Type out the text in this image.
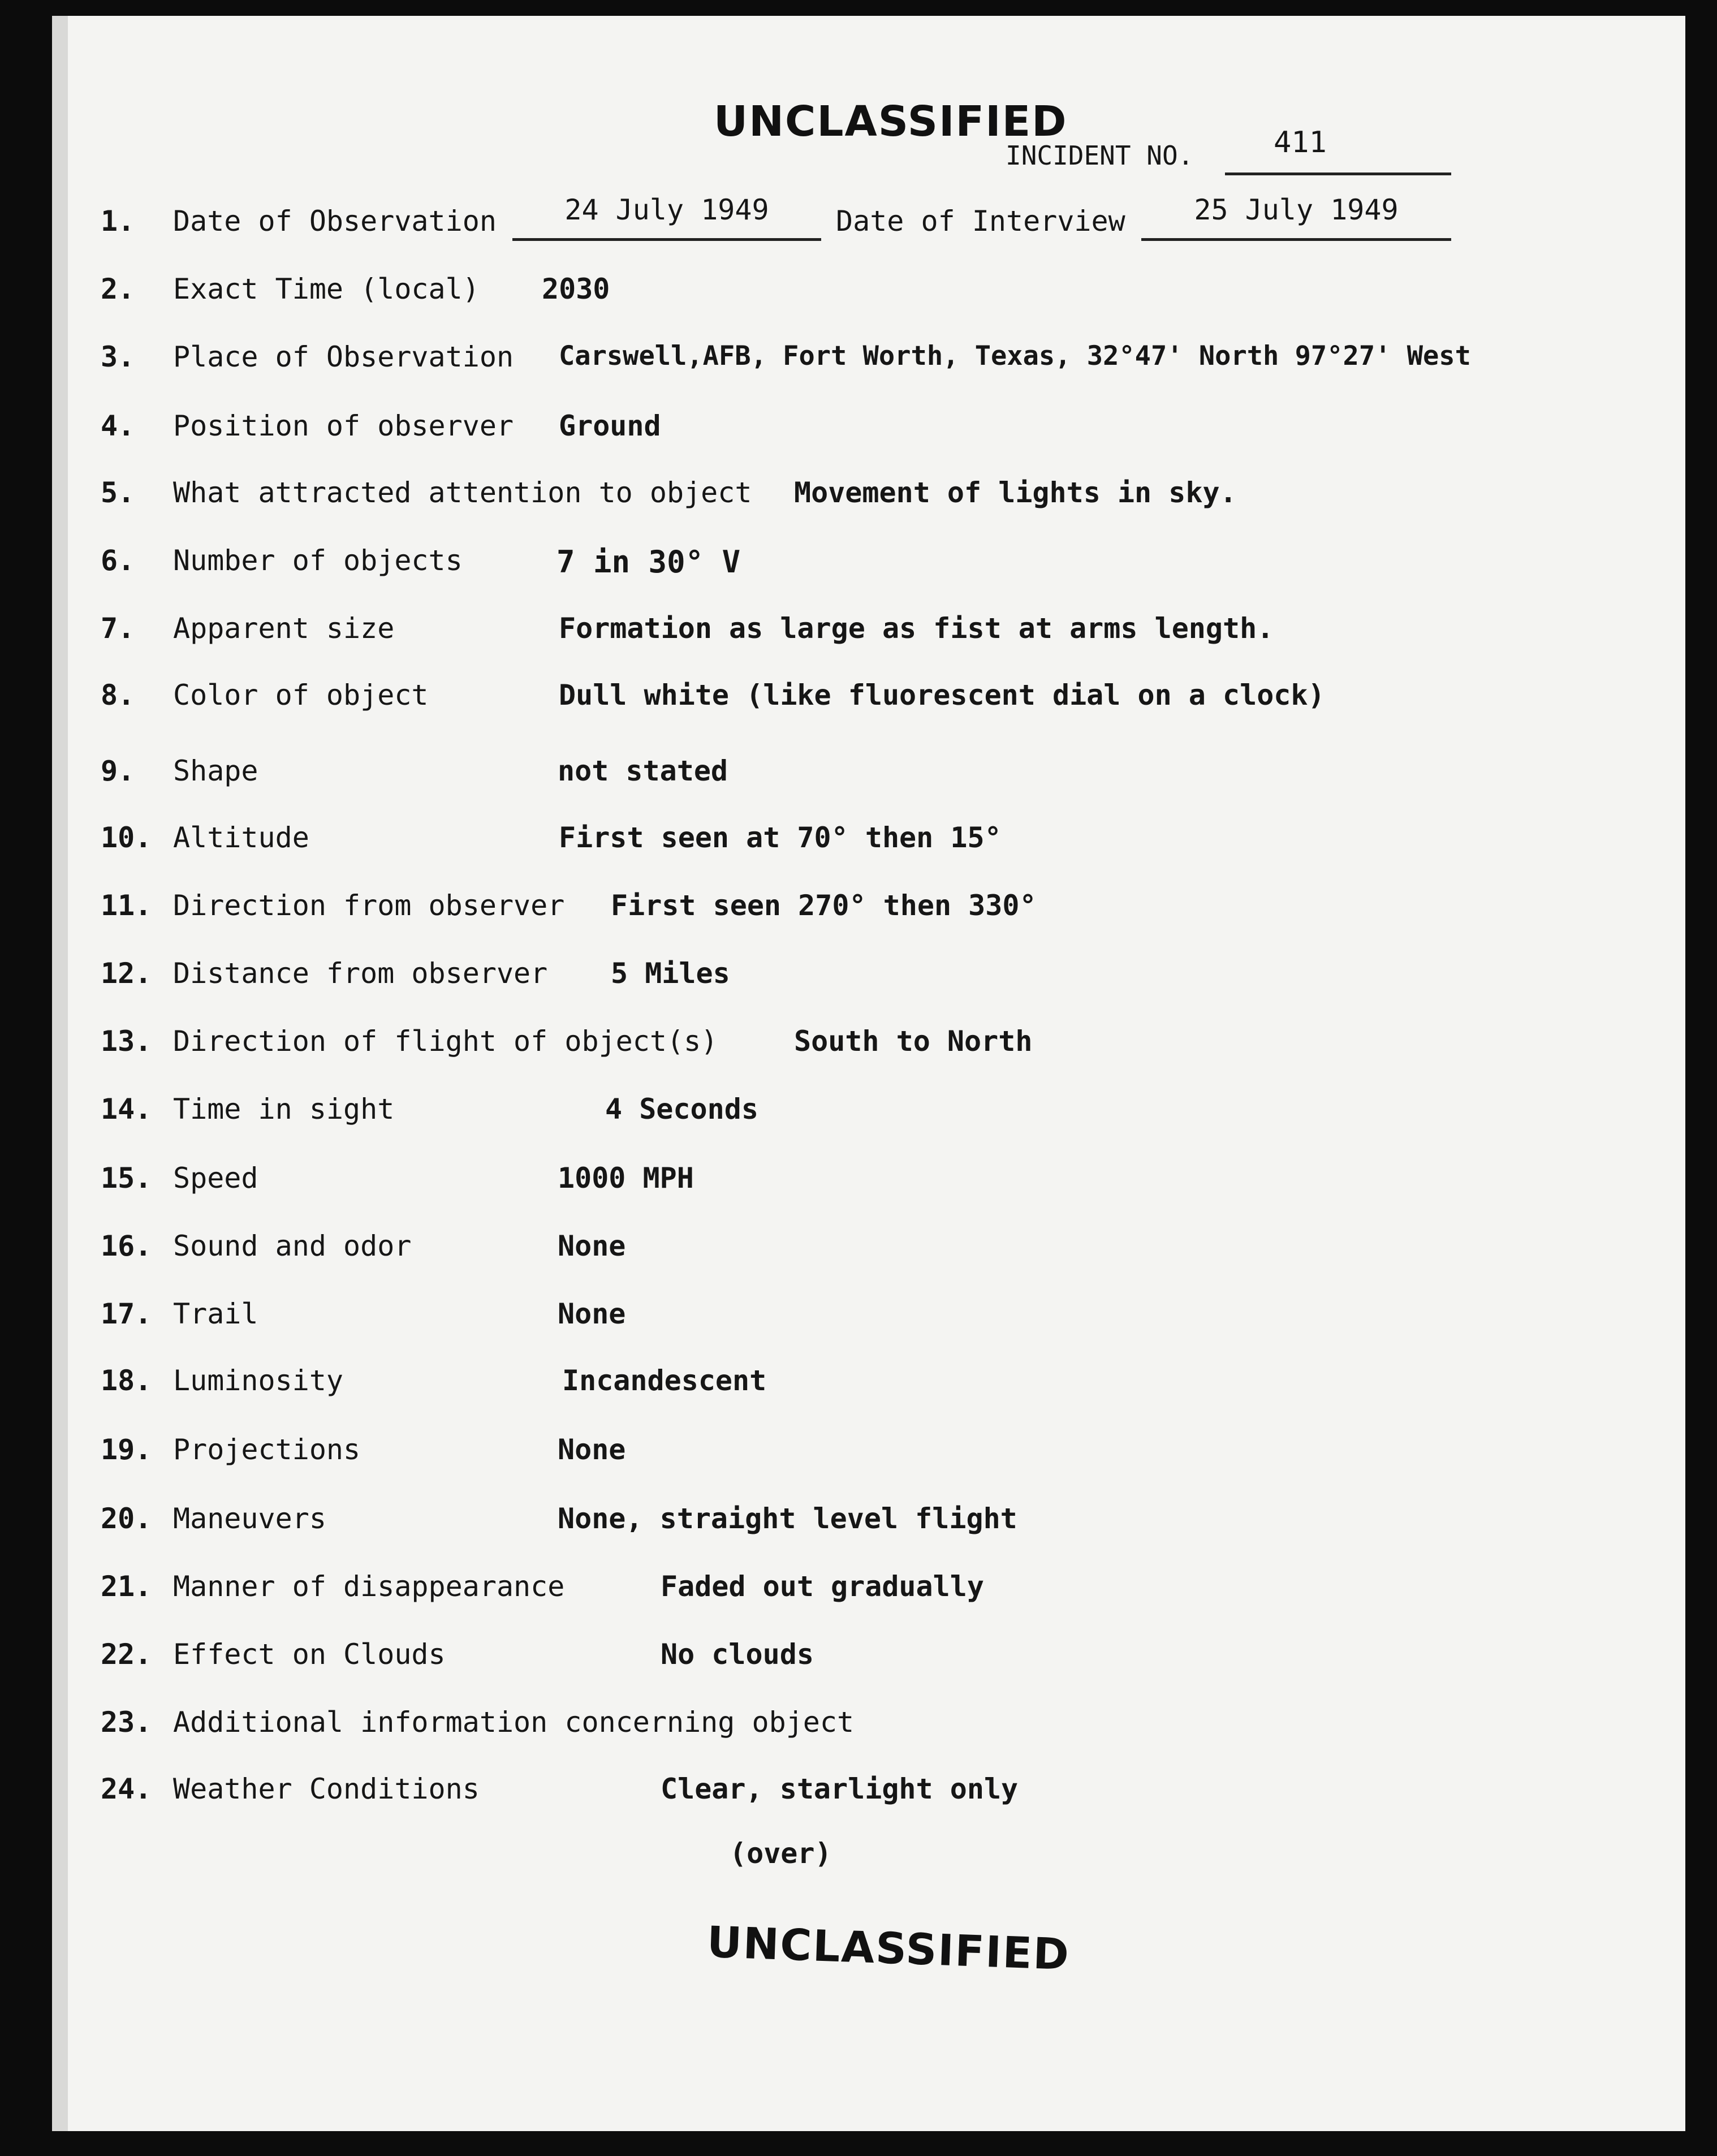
UNCLASSIFIED
INCIDENT NO.	411
1.	Date of Observation	24 July 1949	Date of Interview	25 July 1949
2.	Exact Time (local) 2030
3.	Place of Observation Carswell,AFB, Fort Worth, Texas, 32°47' North 97°27' West
4.	Position of observer Ground
5.	What attracted attention to object Movement of lights in sky.
6.	Number of objects	7 in 30° V
7.	Apparent size	Formation as large as fist at arms length.
8.	Color of object	Dull white (like fluorescent dial on a clock)
9.	Shape	not stated
10. Altitude	First seen at 70° then 15°
11. Direction from observer First seen 270° then 330°
12. Distance from observer 5 Miles
13. Direction of flight of object(s)	South to North
14. Time in sight	4 Seconds
15. Speed	1000 MPH
16. Sound and odor	None
17. Trail	None
18. Luminosity	Incandescent
19. Projections	None
20. Maneuvers	None, straight level flight
21. Manner of disappearance	Faded out gradually
22. Effect on Clouds	No clouds
23. Additional information concerning object
24. Weather Conditions	Clear, starlight only
(over)
UNCLASSIFIED
